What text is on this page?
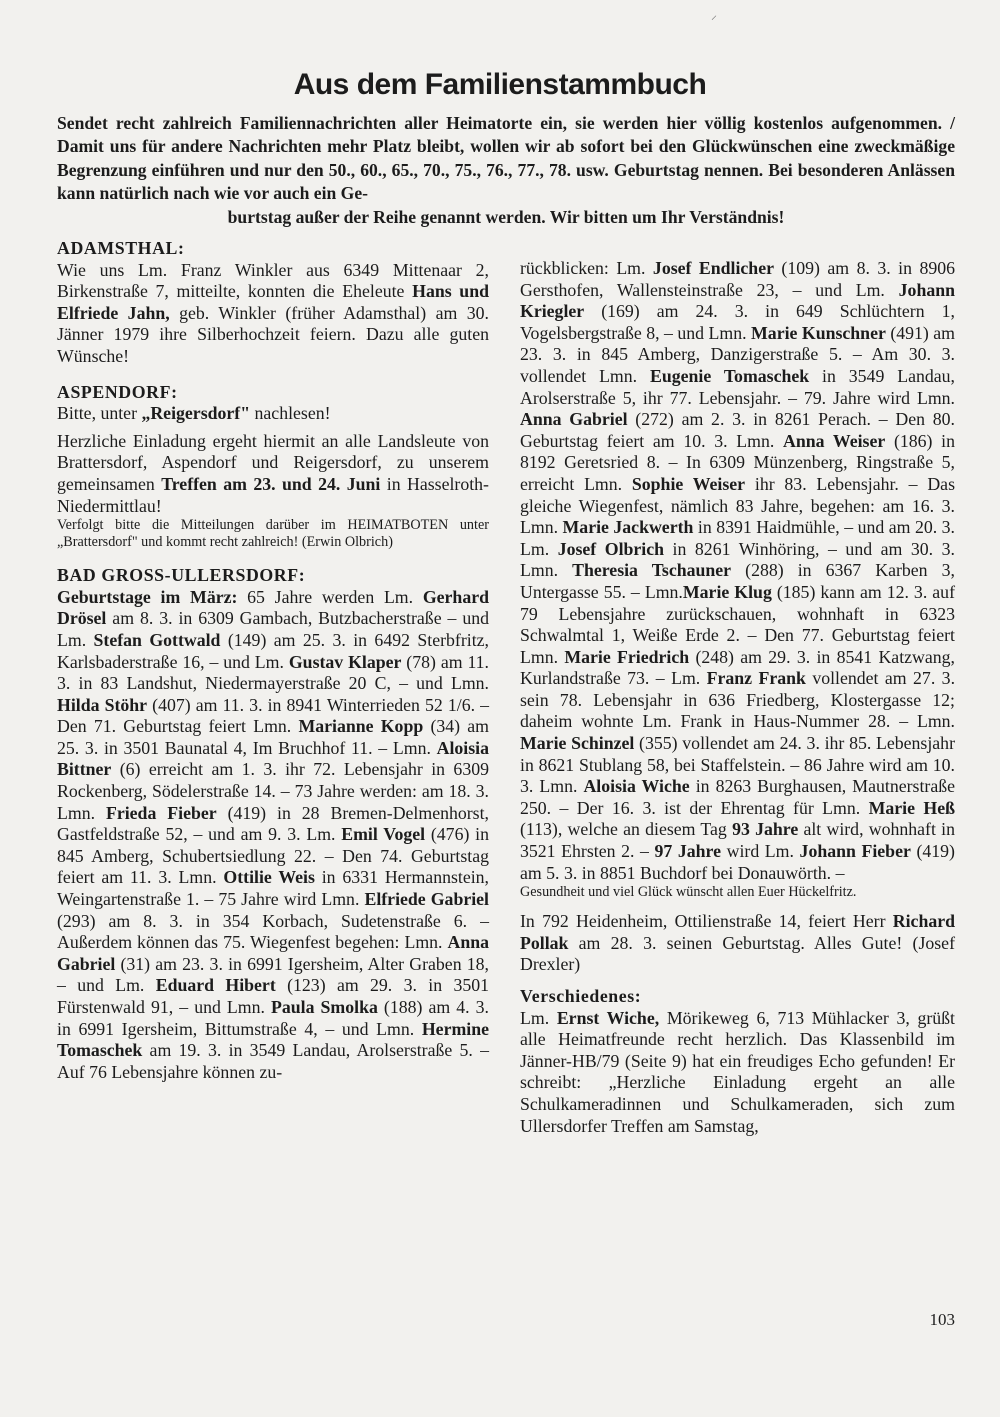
⸝
Aus dem Familienstammbuch

Sendet recht zahlreich Familiennachrichten aller Heimatorte ein, sie werden hier völlig kostenlos aufgenommen. / Damit uns für andere Nachrichten mehr Platz bleibt, wollen wir ab sofort bei den Glückwünschen eine zweckmäßige Begrenzung einführen und nur den 50., 60., 65., 70., 75., 76., 77., 78. usw. Geburtstag nennen. Bei besonderen Anlässen kann natürlich nach wie vor auch ein Ge-
burtstag außer der Reihe genannt werden. Wir bitten um Ihr Verständnis!

ADAMSTHAL:

Wie uns Lm. Franz Winkler aus 6349 Mittenaar 2, Birkenstraße 7, mitteilte, konnten die Eheleute Hans und Elfriede Jahn, geb. Winkler (früher Adamsthal) am 30. Jänner 1979 ihre Silberhochzeit feiern. Dazu alle guten Wünsche!

ASPENDORF:

Bitte, unter „Reigersdorf" nachlesen!

Herzliche Einladung ergeht hiermit an alle Landsleute von Brattersdorf, Aspendorf und Reigersdorf, zu unserem gemeinsamen Treffen am 23. und 24. Juni in Hasselroth-Niedermittlau!

Verfolgt bitte die Mitteilungen darüber im HEIMATBOTEN unter „Brattersdorf" und kommt recht zahlreich! (Erwin Olbrich)

BAD GROSS-ULLERSDORF:

Geburtstage im März: 65 Jahre werden Lm. Gerhard Drösel am 8. 3. in 6309 Gambach, Butzbacherstraße – und Lm. Stefan Gottwald (149) am 25. 3. in 6492 Sterbfritz, Karlsbaderstraße 16, – und Lm. Gustav Klaper (78) am 11. 3. in 83 Landshut, Niedermayerstraße 20 C, – und Lmn. Hilda Stöhr (407) am 11. 3. in 8941 Winterrieden 52 1/6. – Den 71. Geburtstag feiert Lmn. Marianne Kopp (34) am 25. 3. in 3501 Baunatal 4, Im Bruchhof 11. – Lmn. Aloisia Bittner (6) erreicht am 1. 3. ihr 72. Lebensjahr in 6309 Rockenberg, Södelerstraße 14. – 73 Jahre werden: am 18. 3. Lmn. Frieda Fieber (419) in 28 Bremen-Delmenhorst, Gastfeldstraße 52, – und am 9. 3. Lm. Emil Vogel (476) in 845 Amberg, Schubertsiedlung 22. – Den 74. Geburtstag feiert am 11. 3. Lmn. Ottilie Weis in 6331 Hermannstein, Weingartenstraße 1. – 75 Jahre wird Lmn. Elfriede Gabriel (293) am 8. 3. in 354 Korbach, Sudetenstraße 6. – Außerdem können das 75. Wiegenfest begehen: Lmn. Anna Gabriel (31) am 23. 3. in 6991 Igersheim, Alter Graben 18, – und Lm. Eduard Hibert (123) am 29. 3. in 3501 Fürstenwald 91, – und Lmn. Paula Smolka (188) am 4. 3. in 6991 Igersheim, Bittumstraße 4, – und Lmn. Hermine Tomaschek am 19. 3. in 3549 Landau, Arolserstraße 5. – Auf 76 Lebensjahre können zu-

rückblicken: Lm. Josef Endlicher (109) am 8. 3. in 8906 Gersthofen, Wallensteinstraße 23, – und Lm. Johann Kriegler (169) am 24. 3. in 649 Schlüchtern 1, Vogelsbergstraße 8, – und Lmn. Marie Kunschner (491) am 23. 3. in 845 Amberg, Danzigerstraße 5. – Am 30. 3. vollendet Lmn. Eugenie Tomaschek in 3549 Landau, Arolserstraße 5, ihr 77. Lebensjahr. – 79. Jahre wird Lmn. Anna Gabriel (272) am 2. 3. in 8261 Perach. – Den 80. Geburtstag feiert am 10. 3. Lmn. Anna Weiser (186) in 8192 Geretsried 8. – In 6309 Münzenberg, Ringstraße 5, erreicht Lmn. Sophie Weiser ihr 83. Lebensjahr. – Das gleiche Wiegenfest, nämlich 83 Jahre, begehen: am 16. 3. Lmn. Marie Jackwerth in 8391 Haidmühle, – und am 20. 3. Lm. Josef Olbrich in 8261 Winhöring, – und am 30. 3. Lmn. Theresia Tschauner (288) in 6367 Karben 3, Untergasse 55. – Lmn.Marie Klug (185) kann am 12. 3. auf 79 Lebensjahre zurückschauen, wohnhaft in 6323 Schwalmtal 1, Weiße Erde 2. – Den 77. Geburtstag feiert Lmn. Marie Friedrich (248) am 29. 3. in 8541 Katzwang, Kurlandstraße 73. – Lm. Franz Frank vollendet am 27. 3. sein 78. Lebensjahr in 636 Friedberg, Klostergasse 12; daheim wohnte Lm. Frank in Haus-Nummer 28. – Lmn. Marie Schinzel (355) vollendet am 24. 3. ihr 85. Lebensjahr in 8621 Stublang 58, bei Staffelstein. – 86 Jahre wird am 10. 3. Lmn. Aloisia Wiche in 8263 Burghausen, Mautnerstraße 250. – Der 16. 3. ist der Ehrentag für Lmn. Marie Heß (113), welche an diesem Tag 93 Jahre alt wird, wohnhaft in 3521 Ehrsten 2. – 97 Jahre wird Lm. Johann Fieber (419) am 5. 3. in 8851 Buchdorf bei Donauwörth. –

Gesundheit und viel Glück wünscht allen Euer Hückelfritz.

In 792 Heidenheim, Ottilienstraße 14, feiert Herr Richard Pollak am 28. 3. seinen Geburtstag. Alles Gute! (Josef Drexler)

Verschiedenes:

Lm. Ernst Wiche, Mörikeweg 6, 713 Mühlacker 3, grüßt alle Heimatfreunde recht herzlich. Das Klassenbild im Jänner-HB/79 (Seite 9) hat ein freudiges Echo gefunden! Er schreibt: „Herzliche Einladung ergeht an alle Schulkameradinnen und Schulkameraden, sich zum Ullersdorfer Treffen am Samstag,

103
